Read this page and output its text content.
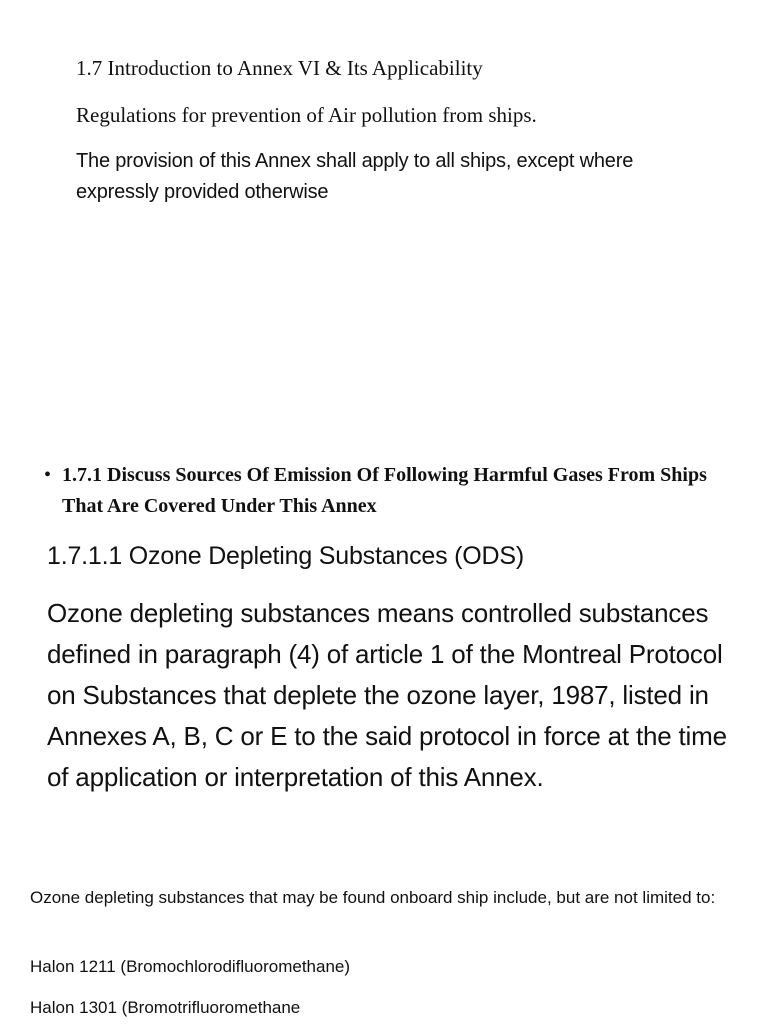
1.7 Introduction to Annex VI & Its Applicability

Regulations for prevention of Air pollution from ships.

The provision of this Annex shall apply to all ships, except where expressly provided otherwise

• 1.7.1 Discuss Sources Of Emission Of Following Harmful Gases From Ships That Are Covered Under This Annex

1.7.1.1 Ozone Depleting Substances (ODS)

Ozone depleting substances means controlled substances defined in paragraph (4) of article 1 of the Montreal Protocol on Substances that deplete the ozone layer, 1987, listed in Annexes A, B, C or E to the said protocol in force at the time of application or interpretation of this Annex.

Ozone depleting substances that may be found onboard ship include, but are not limited to:

Halon 1211 (Bromochlorodifluoromethane)

Halon 1301 (Bromotrifluoromethane
